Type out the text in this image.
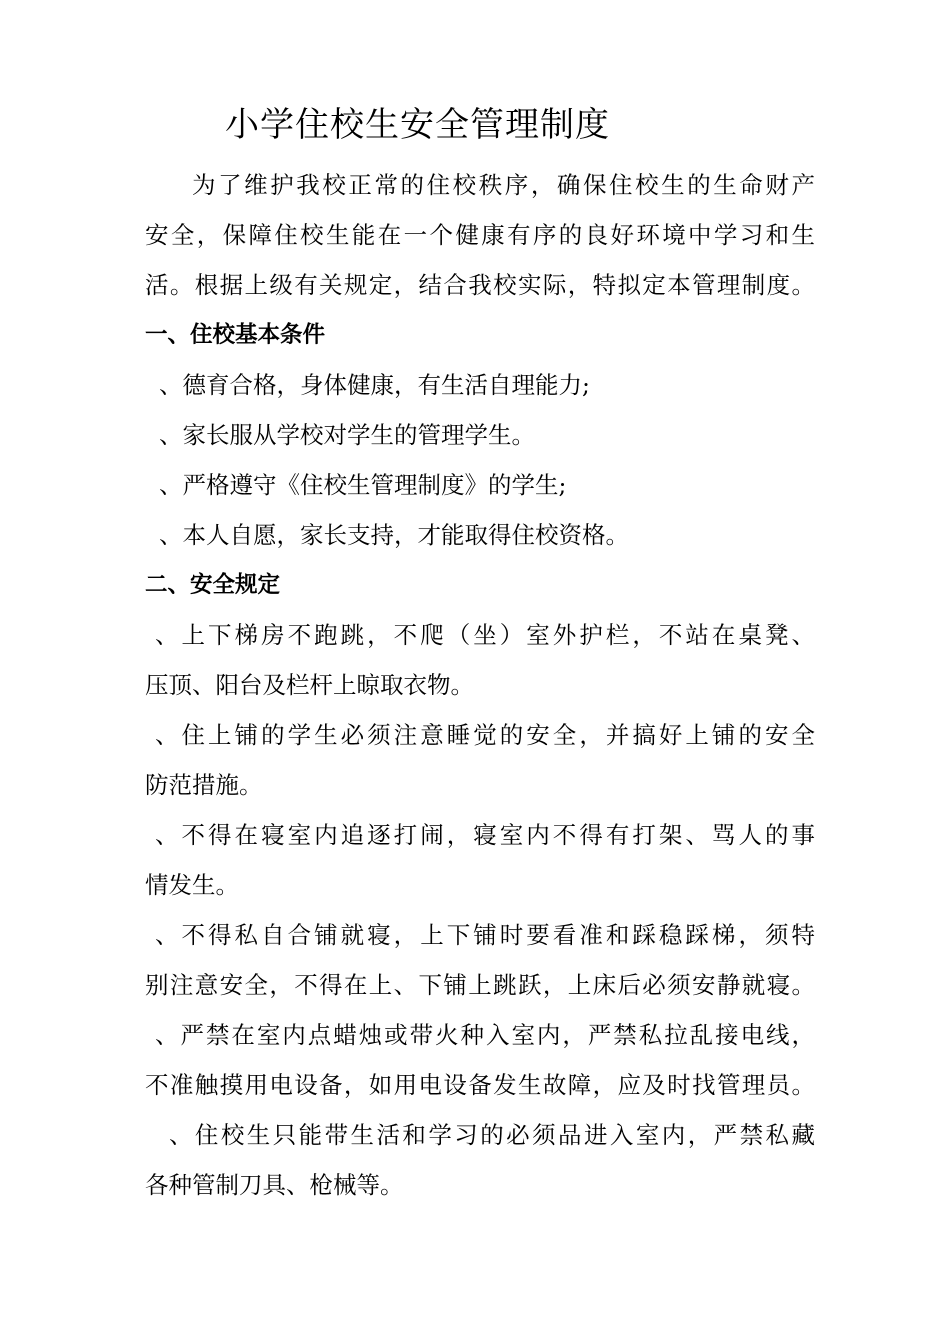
小学住校生安全管理制度
为了维护我校正常的住校秩序，确保住校生的生命财产
安全，保障住校生能在一个健康有序的良好环境中学习和生
活。根据上级有关规定，结合我校实际，特拟定本管理制度。
一、住校基本条件
、德育合格，身体健康，有生活自理能力;
、家长服从学校对学生的管理学生。
、严格遵守《住校生管理制度》的学生;
、本人自愿，家长支持，才能取得住校资格。
二、安全规定
、上下梯房不跑跳，不爬（坐）室外护栏，不站在桌凳、
压顶、阳台及栏杆上晾取衣物。
、住上铺的学生必须注意睡觉的安全，并搞好上铺的安全
防范措施。
、不得在寝室内追逐打闹，寝室内不得有打架、骂人的事
情发生。
、不得私自合铺就寝，上下铺时要看准和踩稳踩梯，须特
别注意安全，不得在上、下铺上跳跃，上床后必须安静就寝。
、严禁在室内点蜡烛或带火种入室内，严禁私拉乱接电线，
不准触摸用电设备，如用电设备发生故障，应及时找管理员。
、住校生只能带生活和学习的必须品进入室内，严禁私藏
各种管制刀具、枪械等。
